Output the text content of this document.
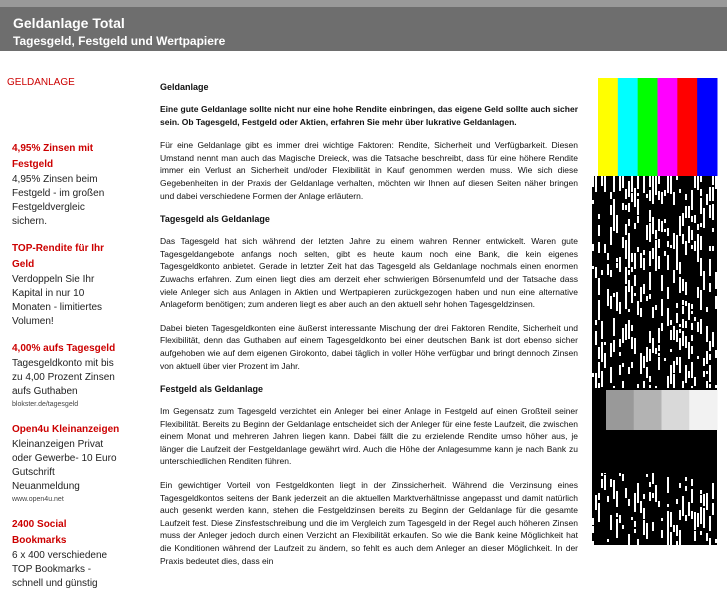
Geldanlage Total
Tagesgeld, Festgeld und Wertpapiere
GELDANLAGE
4,95% Zinsen mit Festgeld
4,95% Zinsen beim Festgeld - im großen Festgeldvergleic sichern.
TOP-Rendite für Ihr Geld
Verdoppeln Sie Ihr Kapital in nur 10 Monaten - limitiertes Volumen!
4,00% aufs Tagesgeld
Tagesgeldkonto mit bis zu 4,00 Prozent Zinsen aufs Guthaben
blokster.de/tagesgeld
Open4u Kleinanzeigen
Kleinanzeigen Privat oder Gewerbe- 10 Euro Gutschrift Neuanmeldung
www.open4u.net
2400 Social Bookmarks
6 x 400 verschiedene TOP Bookmarks - schnell und günstig
Geldanlage

Eine gute Geldanlage sollte nicht nur eine hohe Rendite einbringen, das eigene Geld sollte auch sicher sein. Ob Tagesgeld, Festgeld oder Aktien, erfahren Sie mehr über lukrative Geldanlagen.

Für eine Geldanlage gibt es immer drei wichtige Faktoren: Rendite, Sicherheit und Verfügbarkeit. Diesen Umstand nennt man auch das Magische Dreieck, was die Tatsache beschreibt, dass für eine höhere Rendite immer ein Verlust an Sicherheit und/oder Flexibilität in Kauf genommen werden muss. Wie sich diese Gegebenheiten in der Praxis der Geldanlage verhalten, möchten wir Ihnen auf diesen Seiten näher bringen und dabei verschiedene Formen der Anlage erläutern.

Tagesgeld als Geldanlage

Das Tagesgeld hat sich während der letzten Jahre zu einem wahren Renner entwickelt. Waren gute Tagesgeldangebote anfangs noch selten, gibt es heute kaum noch eine Bank, die kein eigenes Tagesgeldkonto anbietet. Gerade in letzter Zeit hat das Tagesgeld als Geldanlage nochmals einen enormen Zuwachs erfahren. Zum einen liegt dies am derzeit eher schwierigen Börsenumfeld und der Tatsache dass viele Anleger sich aus Anlagen in Aktien und Wertpapieren zurückgezogen haben und nun eine alternative Anlageform benötigen; zum anderen liegt es aber auch an den aktuell sehr hohen Tagesgeldzinsen.

Dabei bieten Tagesgeldkonten eine äußerst interessante Mischung der drei Faktoren Rendite, Sicherheit und Flexibilität, denn das Guthaben auf einem Tagesgeldkonto bei einer deutschen Bank ist dort ebenso sicher aufgehoben wie auf dem eigenen Girokonto, dabei täglich in voller Höhe verfügbar und bringt dennoch Zinsen von aktuell über vier Prozent im Jahr.

Festgeld als Geldanlage

Im Gegensatz zum Tagesgeld verzichtet ein Anleger bei einer Anlage in Festgeld auf einen Großteil seiner Flexibilität. Bereits zu Beginn der Geldanlage entscheidet sich der Anleger für eine feste Laufzeit, die zwischen einem Monat und mehreren Jahren liegen kann. Dabei fällt die zu erzielende Rendite umso höher aus, je länger die Laufzeit der Festgeldanlage gewährt wird. Auch die Höhe der Anlagesumme kann je nach Bank zu unterschiedlichen Renditen führen.

Ein gewichtiger Vorteil von Festgeldkonten liegt in der Zinssicherheit. Während die Verzinsung eines Tagesgeldkontos seitens der Bank jederzeit an die aktuellen Marktverhältnisse angepasst und damit natürlich auch gesenkt werden kann, stehen die Festgeldzinsen bereits zu Beginn der Geldanlage für die gesamte Laufzeit fest. Diese Zinsfestschreibung und die im Vergleich zum Tagesgeld in der Regel auch höheren Zinsen muss der Anleger jedoch durch einen Verzicht an Flexibilität erkaufen. So wie die Bank keine Möglichkeit hat die Konditionen während der Laufzeit zu ändern, so fehlt es auch dem Anleger an dieser Möglichkeit. In der Praxis bedeutet dies, dass ein
